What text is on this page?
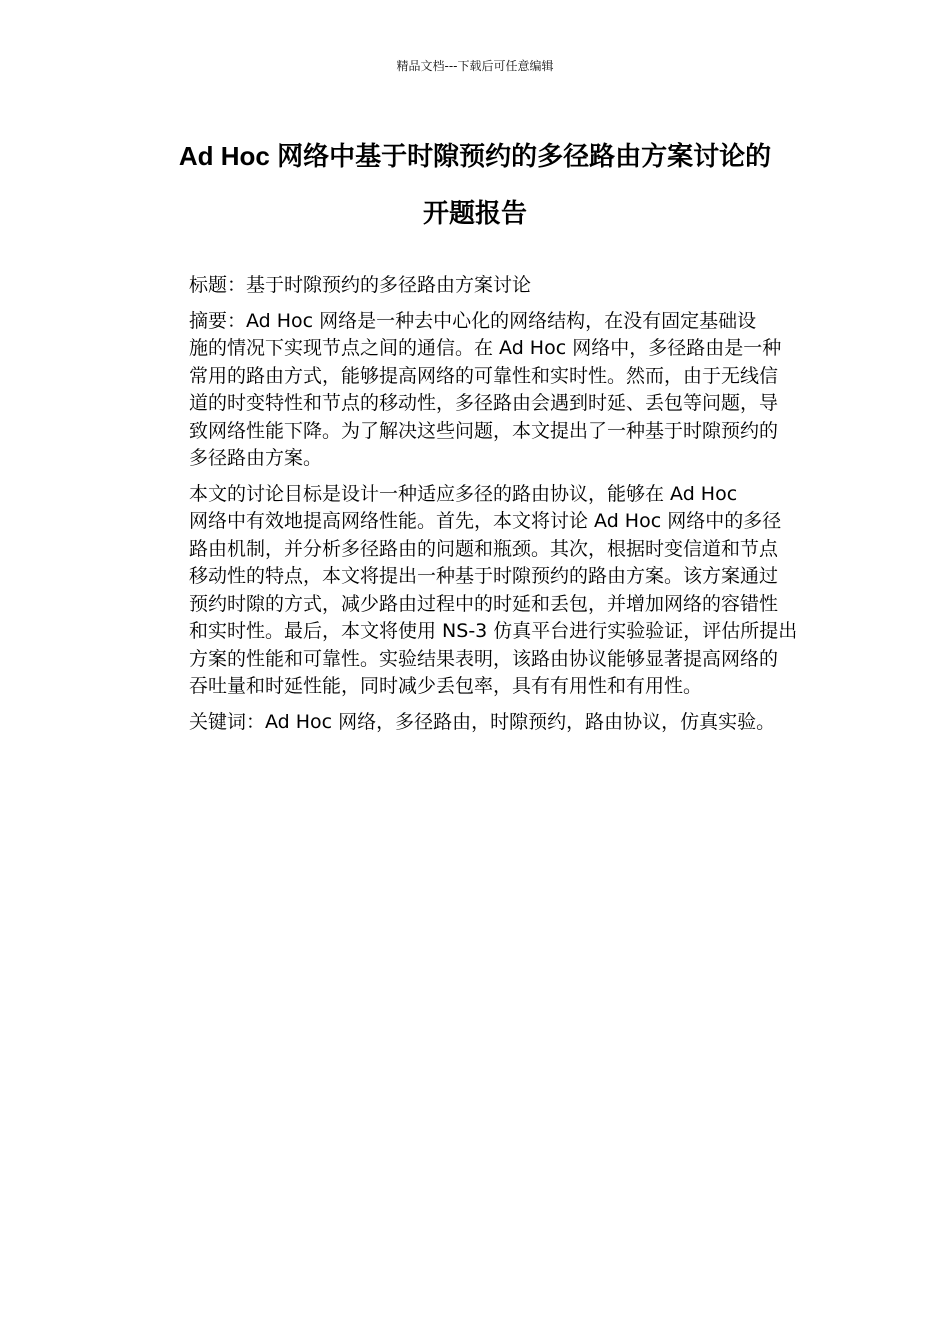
精品文档---下载后可任意编辑
Ad Hoc 网络中基于时隙预约的多径路由方案讨论的
开题报告

标题：基于时隙预约的多径路由方案讨论

摘要：Ad Hoc 网络是一种去中心化的网络结构，在没有固定基础设
施的情况下实现节点之间的通信。在 Ad Hoc 网络中，多径路由是一种
常用的路由方式，能够提高网络的可靠性和实时性。然而，由于无线信
道的时变特性和节点的移动性，多径路由会遇到时延、丢包等问题，导
致网络性能下降。为了解决这些问题，本文提出了一种基于时隙预约的
多径路由方案。

本文的讨论目标是设计一种适应多径的路由协议，能够在 Ad Hoc
网络中有效地提高网络性能。首先，本文将讨论 Ad Hoc 网络中的多径
路由机制，并分析多径路由的问题和瓶颈。其次，根据时变信道和节点
移动性的特点，本文将提出一种基于时隙预约的路由方案。该方案通过
预约时隙的方式，减少路由过程中的时延和丢包，并增加网络的容错性
和实时性。最后，本文将使用 NS-3 仿真平台进行实验验证，评估所提出
方案的性能和可靠性。实验结果表明，该路由协议能够显著提高网络的
吞吐量和时延性能，同时减少丢包率，具有有用性和有用性。

关键词：Ad Hoc 网络，多径路由，时隙预约，路由协议，仿真实验。
